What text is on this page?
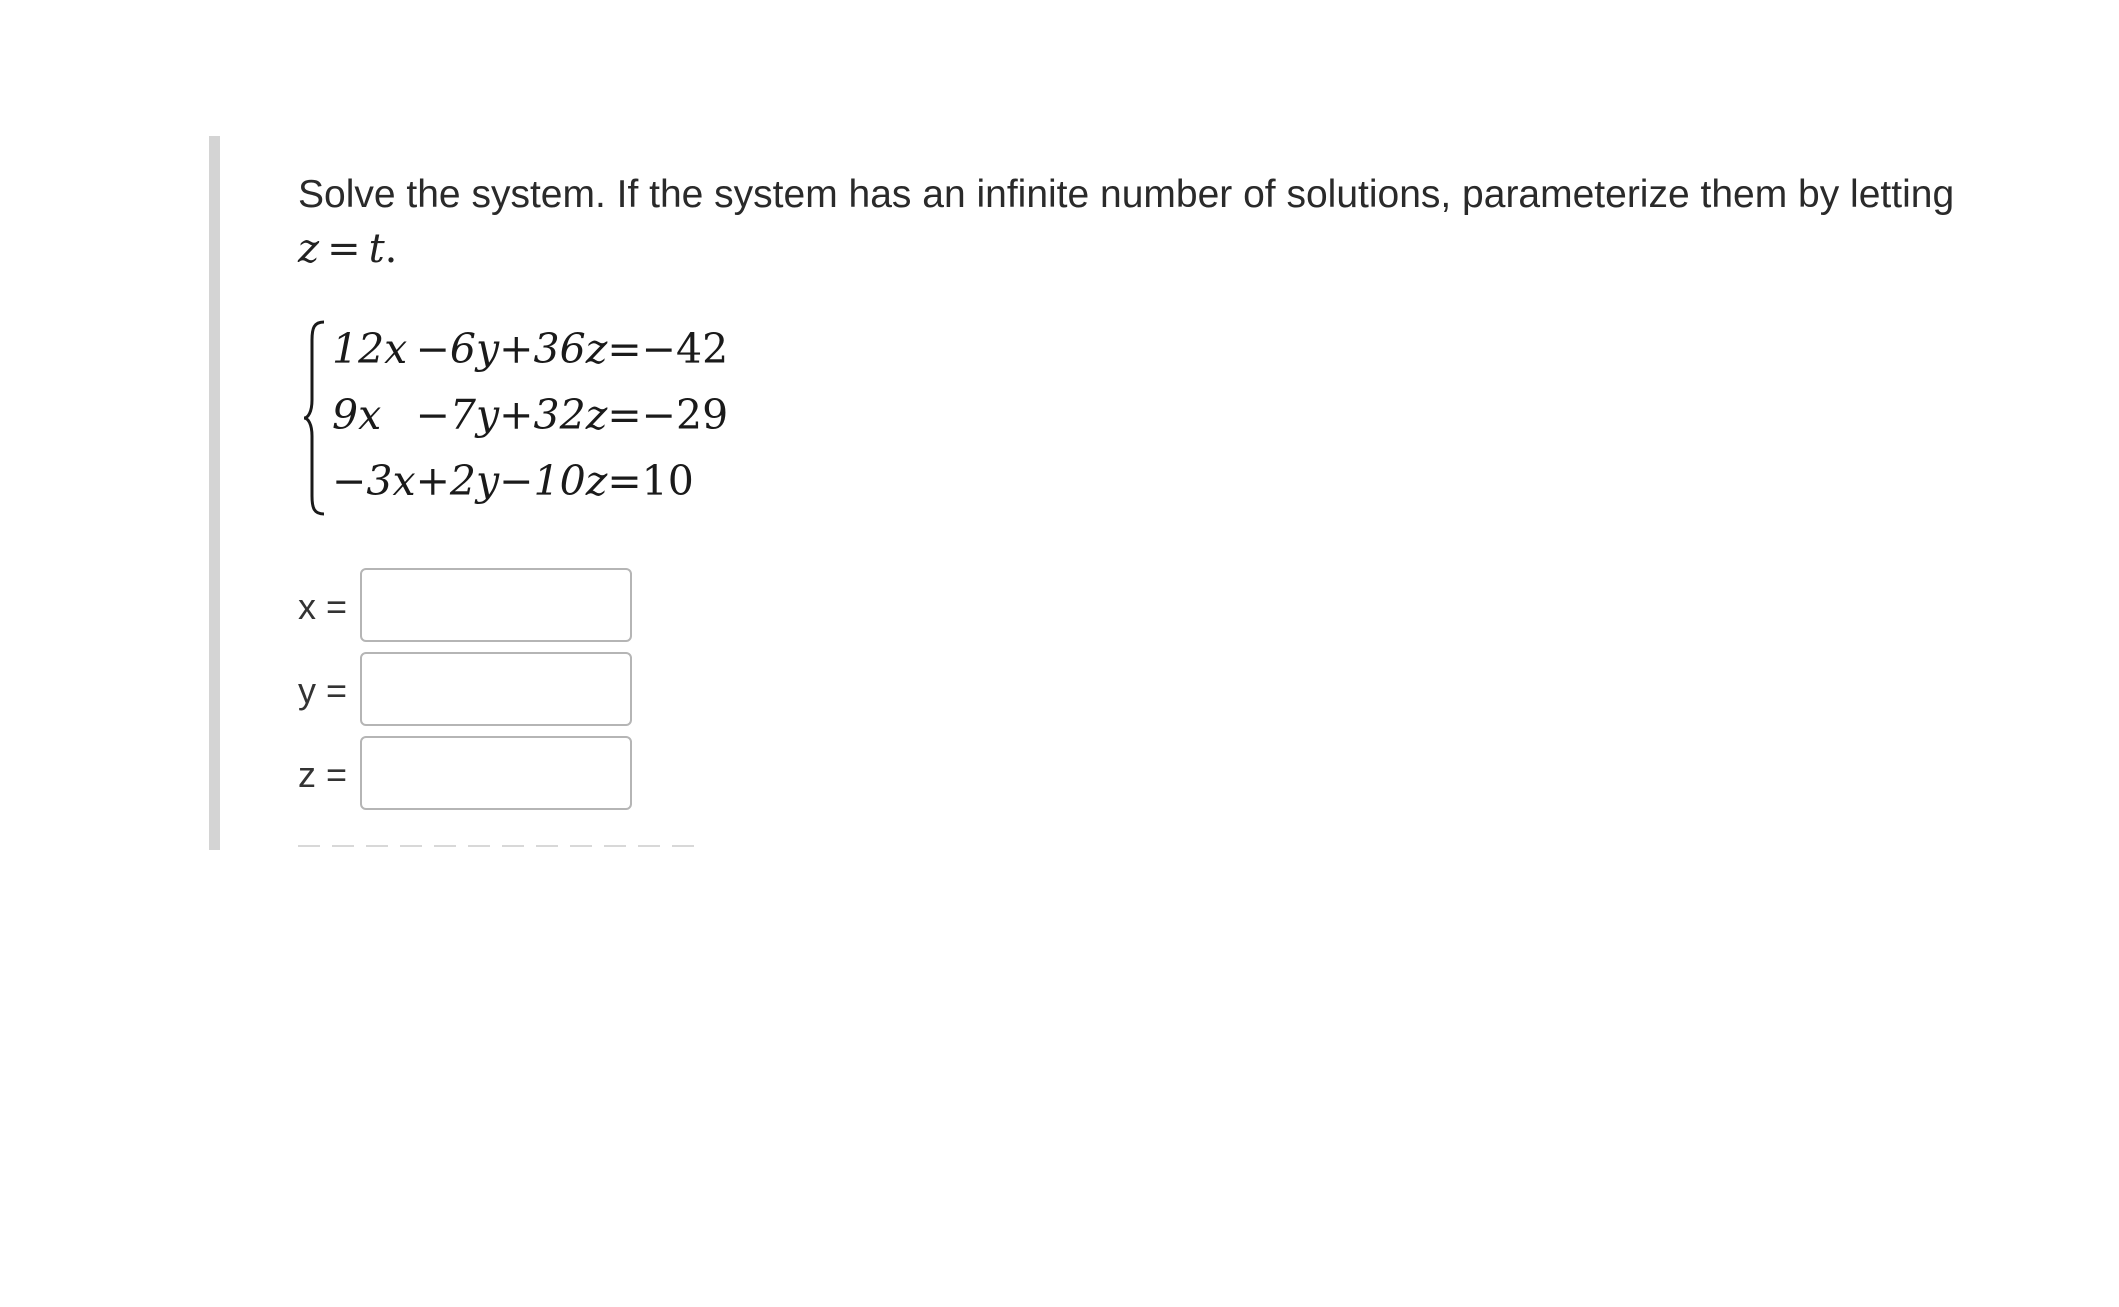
Solve the system. If the system has an infinite number of solutions, parameterize them by letting

z = t.

12x	−	6y	+	36z	=	−42
9x	−	7y	+	32z	=	−29
−3x	+	2y	−	10z	=	10
x =
y =
z =
